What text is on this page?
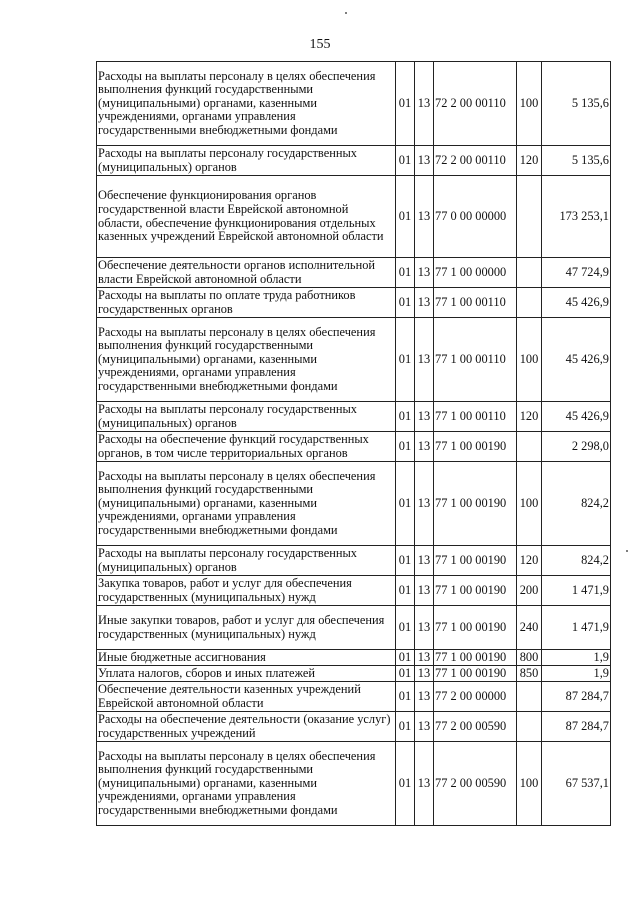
155
Расходы на выплаты персоналу в целях обеспечения выполнения функций государственными (муниципальными) органами, казенными учреждениями, органами управления государственными внебюджетными фондами	01	13	72 2 00 00110	100	5 135,6
Расходы на выплаты персоналу государственных (муниципальных) органов	01	13	72 2 00 00110	120	5 135,6
Обеспечение функционирования органов государственной власти Еврейской автономной области, обеспечение функционирования отдельных казенных учреждений Еврейской автономной области	01	13	77 0 00 00000		173 253,1
Обеспечение деятельности органов исполнительной власти Еврейской автономной области	01	13	77 1 00 00000		47 724,9
Расходы на выплаты по оплате труда работников государственных органов	01	13	77 1 00 00110		45 426,9
Расходы на выплаты персоналу в целях обеспечения выполнения функций государственными (муниципальными) органами, казенными учреждениями, органами управления государственными внебюджетными фондами	01	13	77 1 00 00110	100	45 426,9
Расходы на выплаты персоналу государственных (муниципальных) органов	01	13	77 1 00 00110	120	45 426,9
Расходы на обеспечение функций государственных органов, в том числе территориальных органов	01	13	77 1 00 00190		2 298,0
Расходы на выплаты персоналу в целях обеспечения выполнения функций государственными (муниципальными) органами, казенными учреждениями, органами управления государственными внебюджетными фондами	01	13	77 1 00 00190	100	824,2
Расходы на выплаты персоналу государственных (муниципальных) органов	01	13	77 1 00 00190	120	824,2
Закупка товаров, работ и услуг для обеспечения государственных (муниципальных) нужд	01	13	77 1 00 00190	200	1 471,9
Иные закупки товаров, работ и услуг для обеспечения государственных (муниципальных) нужд	01	13	77 1 00 00190	240	1 471,9
Иные бюджетные ассигнования	01	13	77 1 00 00190	800	1,9
Уплата налогов, сборов и иных платежей	01	13	77 1 00 00190	850	1,9
Обеспечение деятельности казенных учреждений Еврейской автономной области	01	13	77 2 00 00000		87 284,7
Расходы на обеспечение деятельности (оказание услуг) государственных учреждений	01	13	77 2 00 00590		87 284,7
Расходы на выплаты персоналу в целях обеспечения выполнения функций государственными (муниципальными) органами, казенными учреждениями, органами управления государственными внебюджетными фондами	01	13	77 2 00 00590	100	67 537,1
